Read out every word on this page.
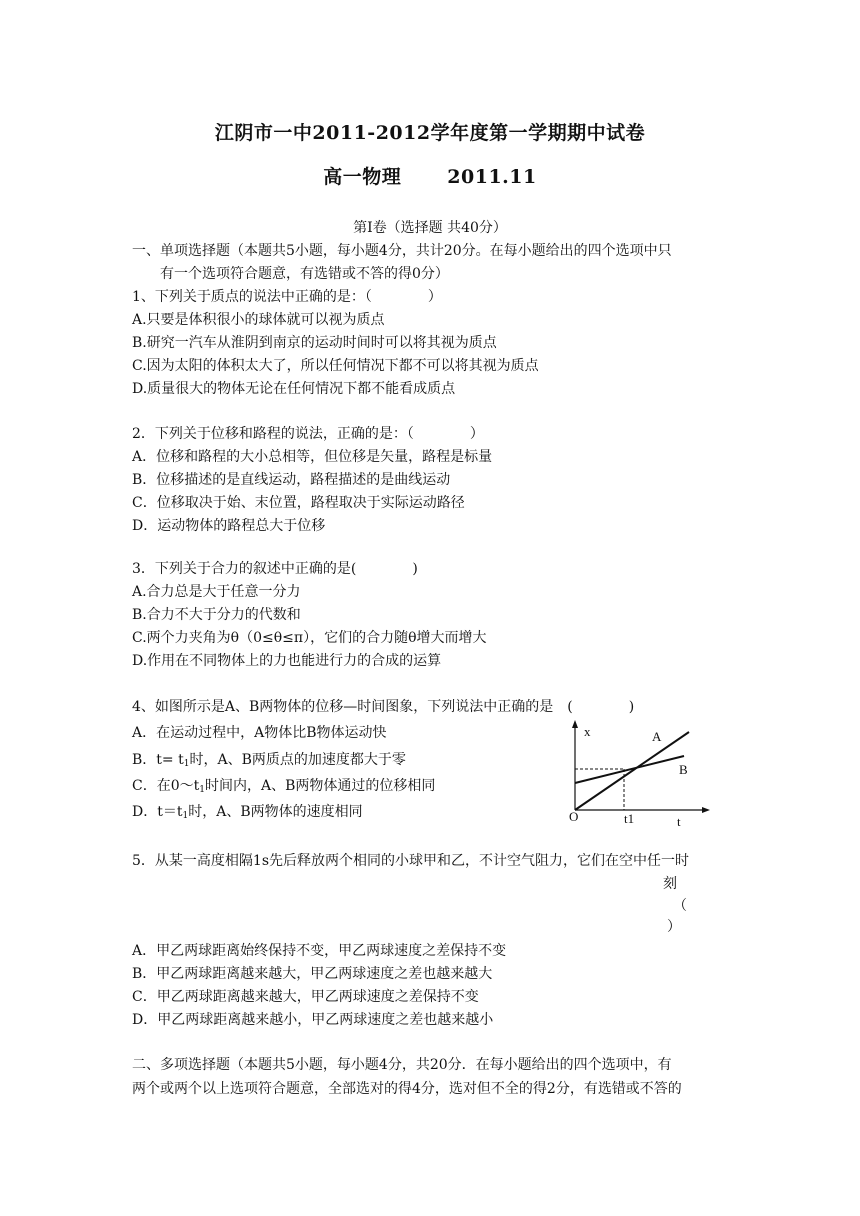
江阴市一中2011-2012学年度第一学期期中试卷
高一物理 2011.11
第Ⅰ卷（选择题 共40分）
一、单项选择题（本题共5小题，每小题4分，共计20分。在每小题给出的四个选项中只
有一个选项符合题意，有选错或不答的得0分）
1、下列关于质点的说法中正确的是：（　　　　）
A.只要是体积很小的球体就可以视为质点
B.研究一汽车从淮阴到南京的运动时间时可以将其视为质点
C.因为太阳的体积太大了，所以任何情况下都不可以将其视为质点
D.质量很大的物体无论在任何情况下都不能看成质点
2．下列关于位移和路程的说法，正确的是：（　　　　）
A．位移和路程的大小总相等，但位移是矢量，路程是标量
B．位移描述的是直线运动，路程描述的是曲线运动
C．位移取决于始、末位置，路程取决于实际运动路径
D．运动物体的路程总大于位移
3．下列关于合力的叙述中正确的是(　　　　)
A.合力总是大于任意一分力
B.合力不大于分力的代数和
C.两个力夹角为θ（0≤θ≤π），它们的合力随θ增大而增大
D.作用在不同物体上的力也能进行力的合成的运算
4、如图所示是A、B两物体的位移—时间图象，下列说法中正确的是　(　　　　)
A．在运动过程中，A物体比B物体运动快
B．$t= t_1$时，A、B两质点的加速度都大于零
C．在$0\sim t_1$时间内，A、B两物体通过的位移相同
D．$t=t_1$时，A、B两物体的速度相同
x	A
B
O	t1	t
5．从某一高度相隔1s先后释放两个相同的小球甲和乙，不计空气阻力，它们在空中任一时
刻
（
）
A．甲乙两球距离始终保持不变，甲乙两球速度之差保持不变
B．甲乙两球距离越来越大，甲乙两球速度之差也越来越大
C．甲乙两球距离越来越大，甲乙两球速度之差保持不变
D．甲乙两球距离越来越小，甲乙两球速度之差也越来越小
二、多项选择题（本题共5小题，每小题4分，共20分．在每小题给出的四个选项中，有
两个或两个以上选项符合题意，全部选对的得4分，选对但不全的得2分，有选错或不答的
